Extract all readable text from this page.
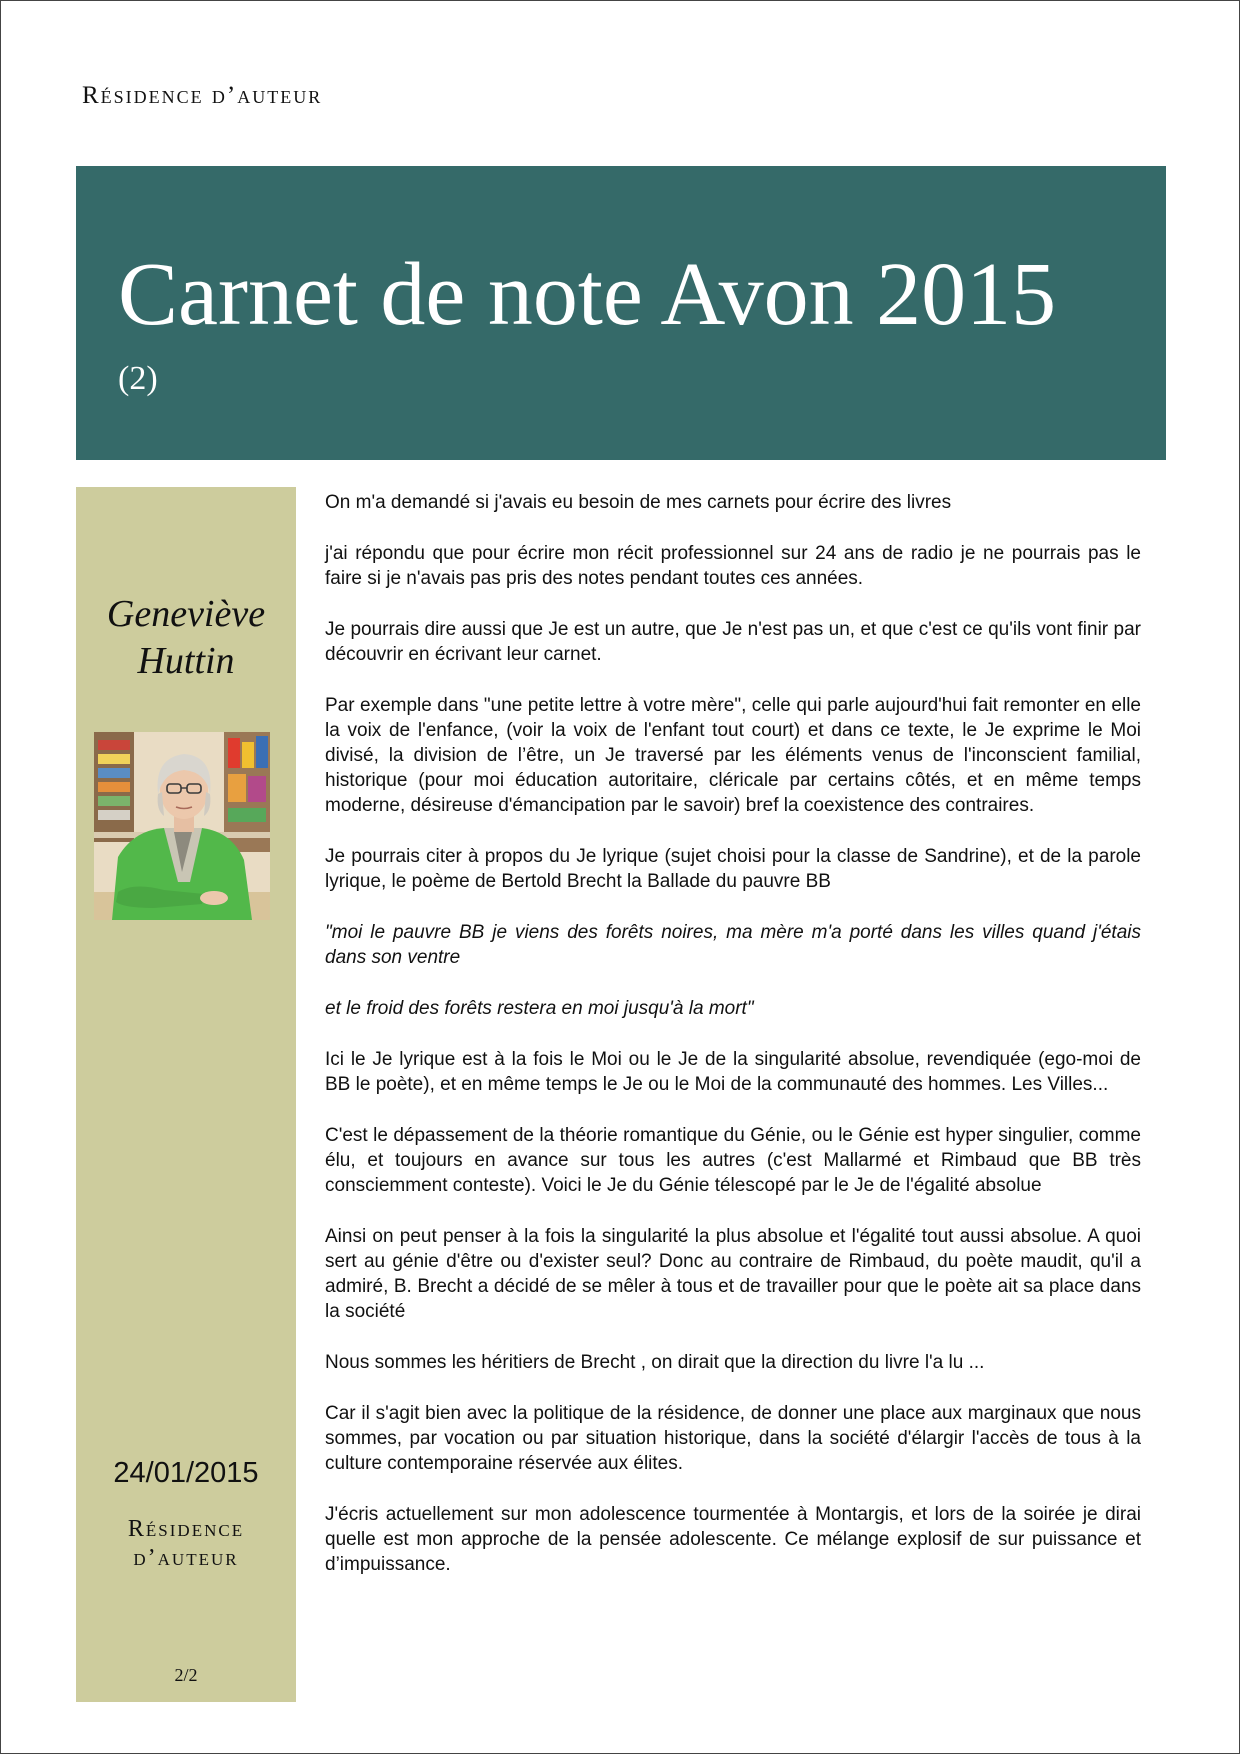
Résidence d’auteur
Carnet de note Avon 2015
(2)
Geneviève
Huttin
24/01/2015
Résidence
d’auteur
2/2

On m'a demandé si j'avais eu besoin de mes carnets pour écrire des livres

j'ai répondu que pour écrire mon récit professionnel sur 24 ans de radio je ne pourrais pas le faire si je n'avais pas pris des notes pendant toutes ces années.

Je pourrais dire aussi que Je est un autre, que Je n'est pas un, et que c'est ce qu'ils vont finir par découvrir en écrivant leur carnet.

Par exemple dans "une petite lettre à votre mère", celle qui parle aujourd'hui fait remonter en elle la voix de l'enfance, (voir la voix de l'enfant tout court) et dans ce texte, le Je exprime le Moi divisé, la division de l’être, un Je traversé par les éléments venus de l'inconscient familial, historique (pour moi éducation autoritaire, cléricale par certains côtés, et en même temps moderne, désireuse d'émancipation par le savoir) bref la coexistence des contraires.

Je pourrais citer à propos du Je lyrique (sujet choisi pour la classe de Sandrine), et de la parole lyrique, le poème de Bertold Brecht la Ballade du pauvre BB

"moi le pauvre BB je viens des forêts noires, ma mère m'a porté dans les villes quand j'étais dans son ventre

et le froid des forêts restera en moi jusqu'à la mort"

Ici le Je lyrique est à la fois le Moi ou le Je de la singularité absolue, revendiquée (ego-moi de BB le poète), et en même temps le Je ou le Moi de la communauté des hommes. Les Villes...

C'est le dépassement de la théorie romantique du Génie, ou le Génie est hyper singulier, comme élu, et toujours en avance sur tous les autres (c'est Mallarmé et Rimbaud que BB très consciemment conteste). Voici le Je du Génie télescopé par le Je de l'égalité absolue

Ainsi on peut penser à la fois la singularité la plus absolue et l'égalité tout aussi absolue. A quoi sert au génie d'être ou d'exister seul? Donc au contraire de Rimbaud, du poète maudit, qu'il a admiré, B. Brecht a décidé de se mêler à tous et de travailler pour que le poète ait sa place dans la société

Nous sommes les héritiers de Brecht , on dirait que la direction du livre l'a lu ...

Car il s'agit bien avec la politique de la résidence, de donner une place aux marginaux que nous sommes, par vocation ou par situation historique, dans la société d'élargir l'accès de tous à la culture contemporaine réservée aux élites.

J'écris actuellement sur mon adolescence tourmentée à Montargis, et lors de la soirée je dirai quelle est mon approche de la pensée adolescente. Ce mélange explosif de sur puissance et d’impuissance.
